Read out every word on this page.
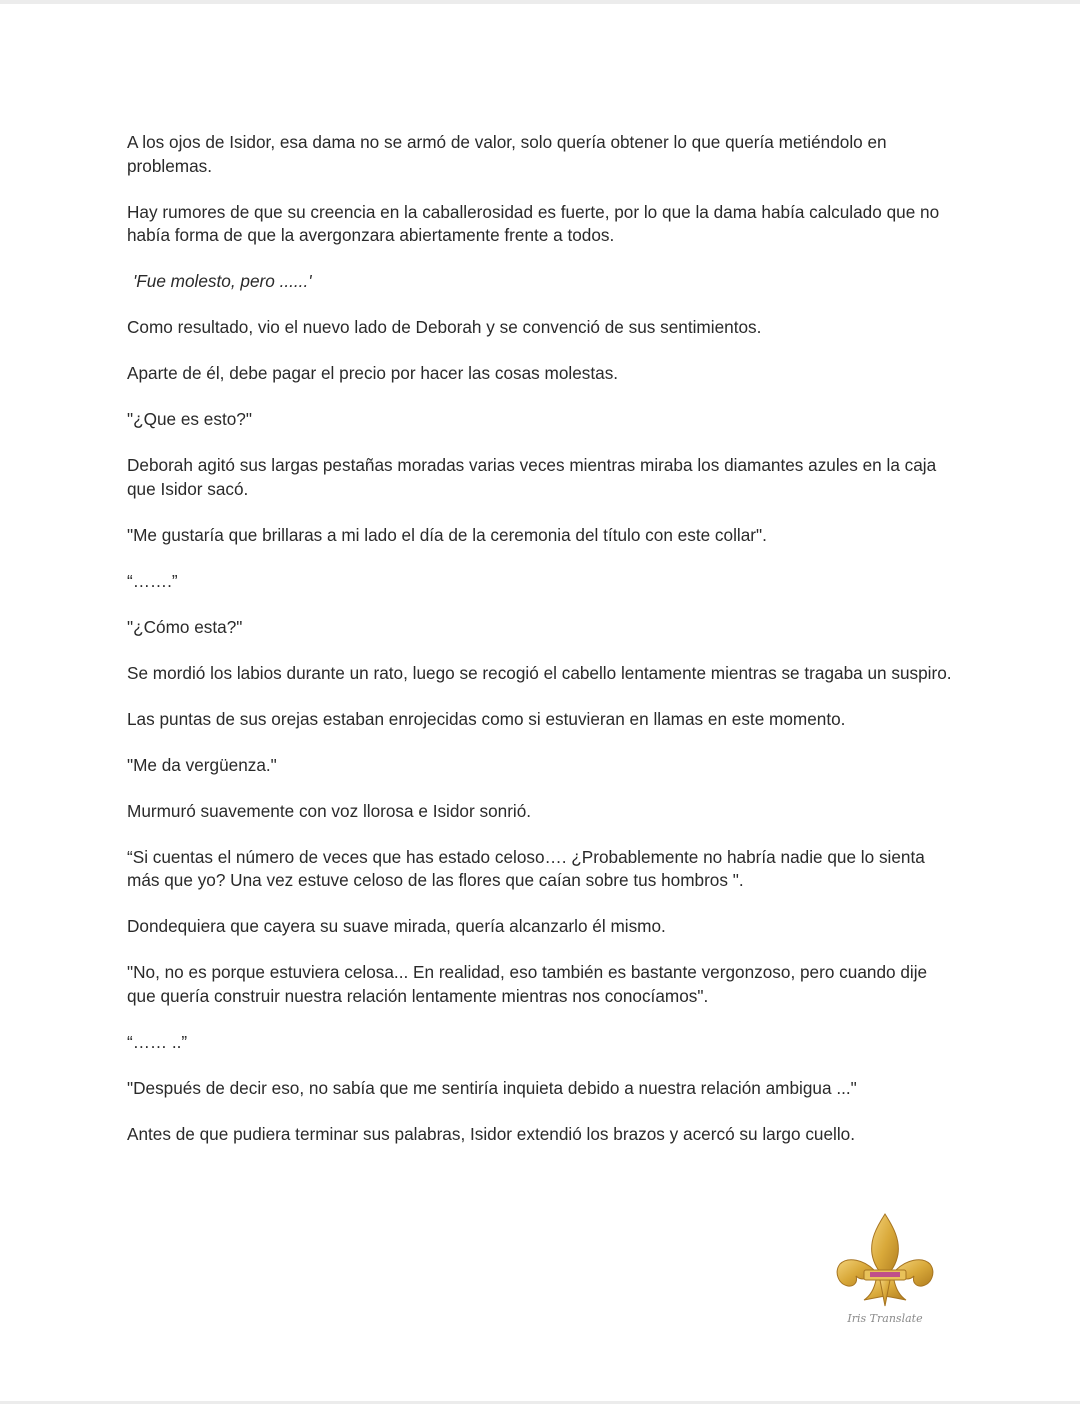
A los ojos de Isidor, esa dama no se armó de valor, solo quería obtener lo que quería metiéndolo en problemas.

Hay rumores de que su creencia en la caballerosidad es fuerte, por lo que la dama había calculado que no había forma de que la avergonzara abiertamente frente a todos.

'Fue molesto, pero ......'

Como resultado, vio el nuevo lado de Deborah y se convenció de sus sentimientos.

Aparte de él, debe pagar el precio por hacer las cosas molestas.

"¿Que es esto?"

Deborah agitó sus largas pestañas moradas varias veces mientras miraba los diamantes azules en la caja que Isidor sacó.

"Me gustaría que brillaras a mi lado el día de la ceremonia del título con este collar".

“…….”

"¿Cómo esta?"

Se mordió los labios durante un rato, luego se recogió el cabello lentamente mientras se tragaba un suspiro.

Las puntas de sus orejas estaban enrojecidas como si estuvieran en llamas en este momento.

"Me da vergüenza."

Murmuró suavemente con voz llorosa e Isidor sonrió.

“Si cuentas el número de veces que has estado celoso…. ¿Probablemente no habría nadie que lo sienta más que yo? Una vez estuve celoso de las flores que caían sobre tus hombros ".

Dondequiera que cayera su suave mirada, quería alcanzarlo él mismo.

"No, no es porque estuviera celosa... En realidad, eso también es bastante vergonzoso, pero cuando dije que quería construir nuestra relación lentamente mientras nos conocíamos".

“…… ..”

"Después de decir eso, no sabía que me sentiría inquieta debido a nuestra relación ambigua ..."

Antes de que pudiera terminar sus palabras, Isidor extendió los brazos y acercó su largo cuello.

Iris Translate
